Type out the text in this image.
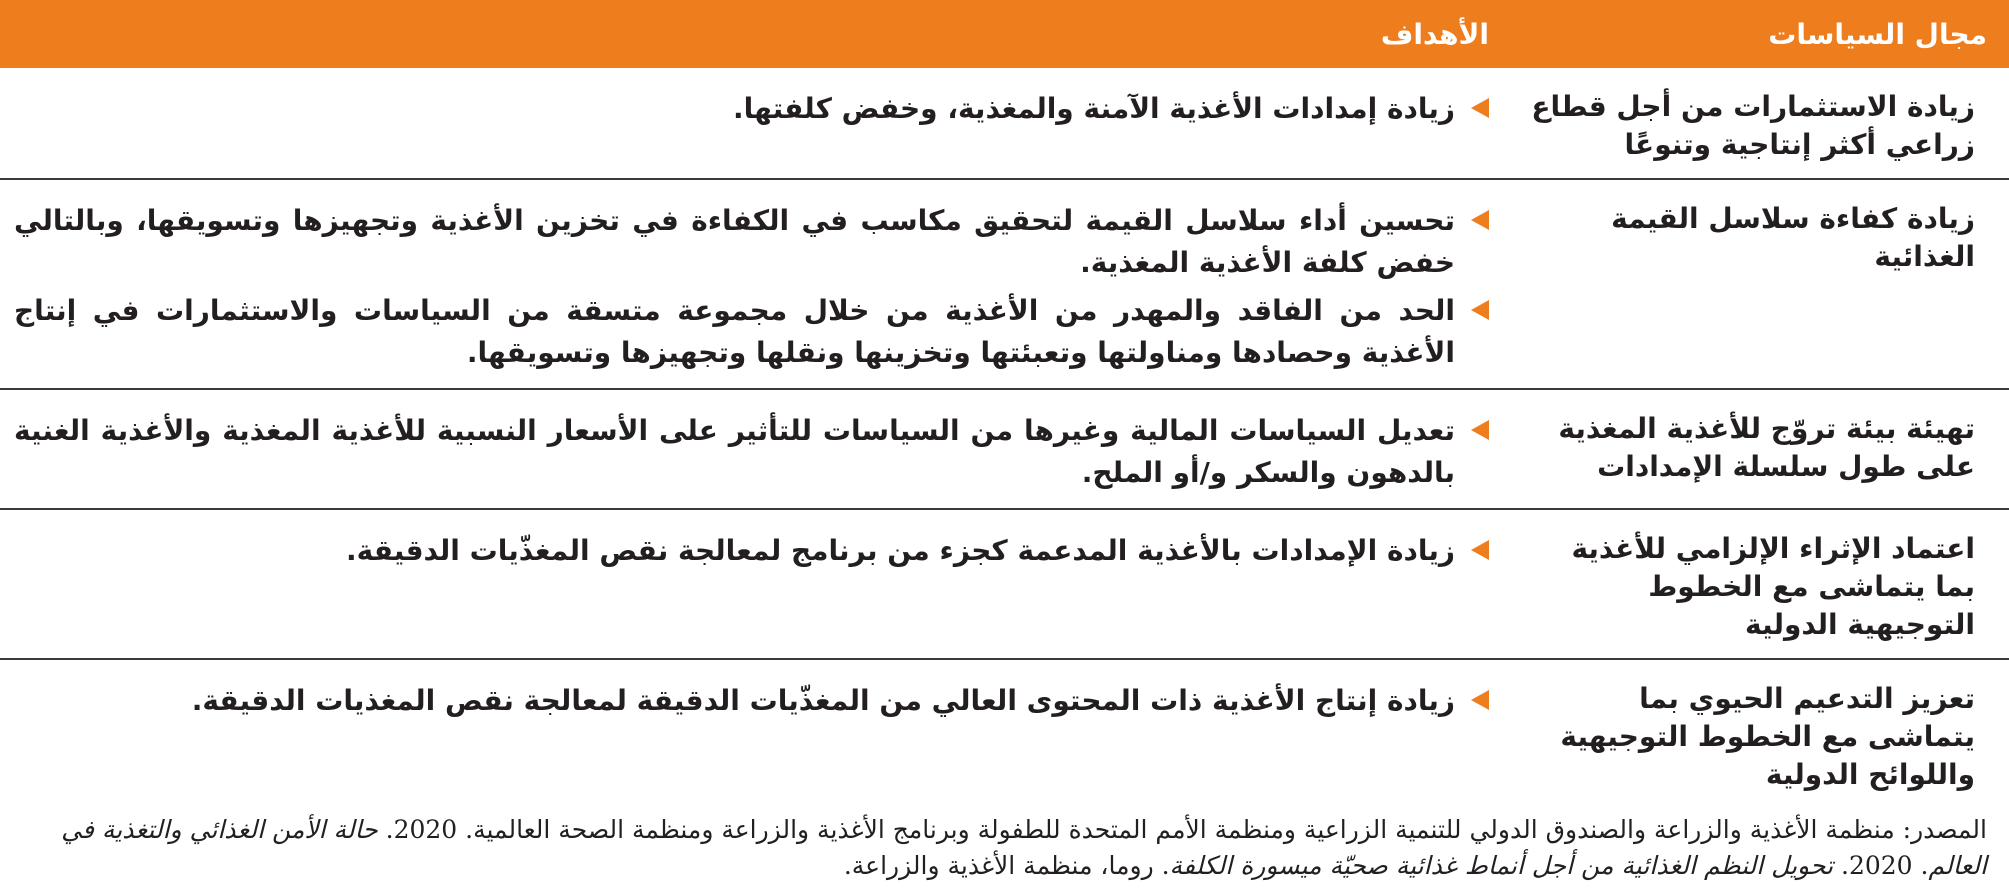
مجال السياسات	الأهداف
زيادة الاستثمارات من أجل قطاع زراعي أكثر إنتاجية وتنوعًا	زيادة إمدادات الأغذية الآمنة والمغذية، وخفض كلفتها.

زيادة كفاءة سلاسل القيمة الغذائية	تحسين أداء سلاسل القيمة لتحقيق مكاسب في الكفاءة في تخزين الأغذية وتجهيزها وتسويقها، وبالتالي خفض كلفة الأغذية المغذية.
الحد من الفاقد والمهدر من الأغذية من خلال مجموعة متسقة من السياسات والاستثمارات في إنتاج الأغذية وحصادها ومناولتها وتعبئتها وتخزينها ونقلها وتجهيزها وتسويقها.

تهيئة بيئة تروّج للأغذية المغذية على طول سلسلة الإمدادات	تعديل السياسات المالية وغيرها من السياسات للتأثير على الأسعار النسبية للأغذية المغذية والأغذية الغنية بالدهون والسكر و/أو الملح.

اعتماد الإثراء الإلزامي للأغذية بما يتماشى مع الخطوط التوجيهية الدولية	زيادة الإمدادات بالأغذية المدعمة كجزء من برنامج لمعالجة نقص المغذّيات الدقيقة.

تعزيز التدعيم الحيوي بما يتماشى مع الخطوط التوجيهية واللوائح الدولية	زيادة إنتاج الأغذية ذات المحتوى العالي من المغذّيات الدقيقة لمعالجة نقص المغذيات الدقيقة.
المصدر: منظمة الأغذية والزراعة والصندوق الدولي للتنمية الزراعية ومنظمة الأمم المتحدة للطفولة وبرنامج الأغذية والزراعة ومنظمة الصحة العالمية. 2020. حالة الأمن الغذائي والتغذية في العالم. 2020. تحويل النظم الغذائية من أجل أنماط غذائية صحيّة ميسورة الكلفة. روما، منظمة الأغذية والزراعة.
